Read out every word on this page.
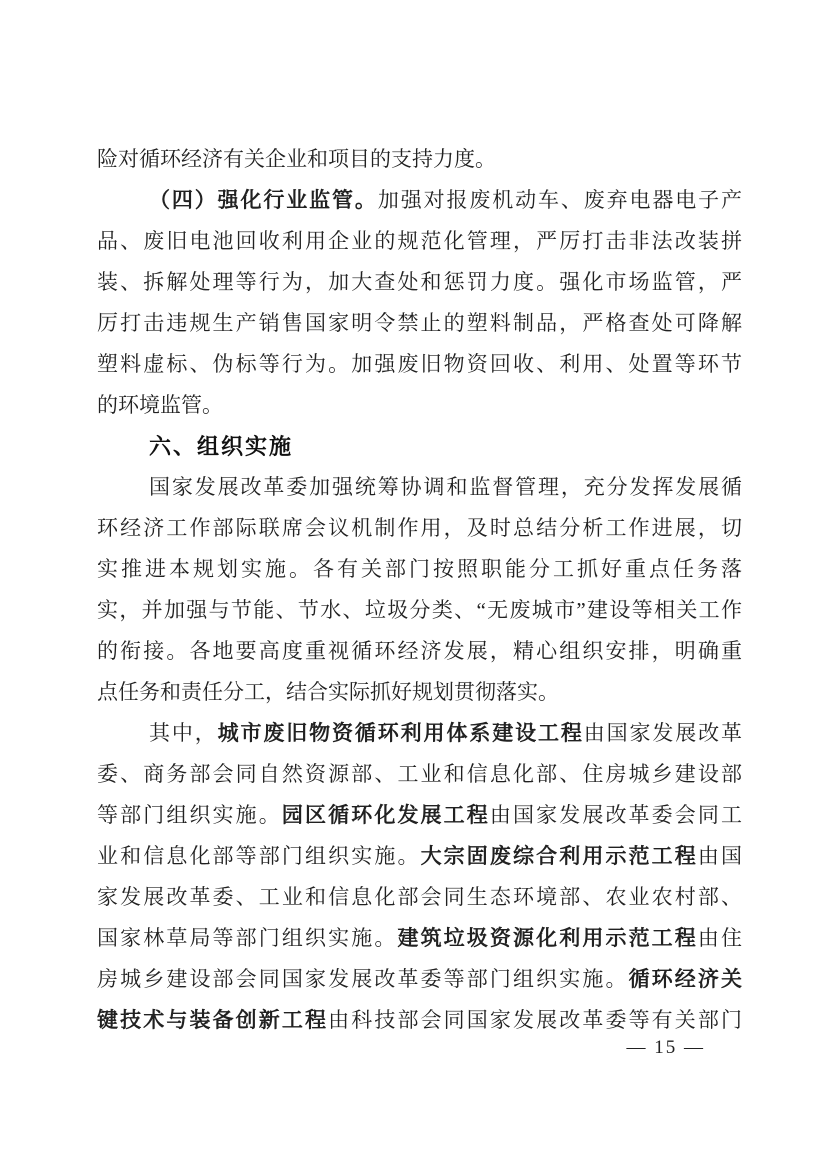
险对循环经济有关企业和项目的支持力度。
（四）强化行业监管。加强对报废机动车、废弃电器电子产
品、废旧电池回收利用企业的规范化管理，严厉打击非法改装拼
装、拆解处理等行为，加大查处和惩罚力度。强化市场监管，严
厉打击违规生产销售国家明令禁止的塑料制品，严格查处可降解
塑料虚标、伪标等行为。加强废旧物资回收、利用、处置等环节
的环境监管。
六、组织实施
国家发展改革委加强统筹协调和监督管理，充分发挥发展循
环经济工作部际联席会议机制作用，及时总结分析工作进展，切
实推进本规划实施。各有关部门按照职能分工抓好重点任务落
实，并加强与节能、节水、垃圾分类、“无废城市”建设等相关工作
的衔接。各地要高度重视循环经济发展，精心组织安排，明确重
点任务和责任分工，结合实际抓好规划贯彻落实。
其中，城市废旧物资循环利用体系建设工程由国家发展改革
委、商务部会同自然资源部、工业和信息化部、住房城乡建设部
等部门组织实施。园区循环化发展工程由国家发展改革委会同工
业和信息化部等部门组织实施。大宗固废综合利用示范工程由国
家发展改革委、工业和信息化部会同生态环境部、农业农村部、
国家林草局等部门组织实施。建筑垃圾资源化利用示范工程由住
房城乡建设部会同国家发展改革委等部门组织实施。循环经济关
键技术与装备创新工程由科技部会同国家发展改革委等有关部门
— 15 —
